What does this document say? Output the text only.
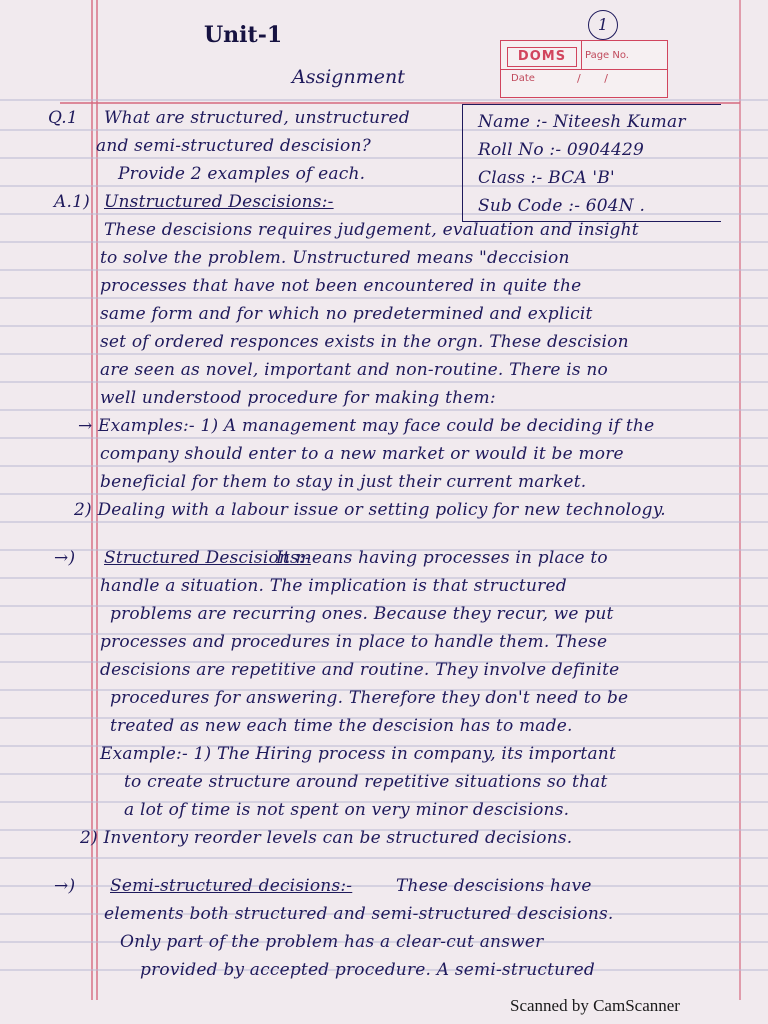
1
DOMS	Page No.
Date	/ /
Unit-1
Assignment
Name :- Niteesh Kumar
Roll No :- 0904429
Class :- BCA 'B'
Sub Code :- 604N .
Q.1 What are structured, unstructured
and semi-structured descision?
Provide 2 examples of each.
A.1) Unstructured Descisions:-
These descisions requires judgement, evaluation and insight
to solve the problem. Unstructured means "deccision
processes that have not been encountered in quite the
same form and for which no predetermined and explicit
set of ordered responces exists in the orgn. These descision
are seen as novel, important and non-routine. There is no
well understood procedure for making them:
→ Examples:- 1) A management may face could be deciding if the
company should enter to a new market or would it be more
beneficial for them to stay in just their current market.
2) Dealing with a labour issue or setting policy for new technology.
→) Structured Descisions:-
It means having processes in place to
handle a situation. The implication is that structured
problems are recurring ones. Because they recur, we put
processes and procedures in place to handle them. These
descisions are repetitive and routine. They involve definite
procedures for answering. Therefore they don't need to be
treated as new each time the descision has to made.
Example:- 1) The Hiring process in company, its important
to create structure around repetitive situations so that
a lot of time is not spent on very minor descisions.
2) Inventory reorder levels can be structured decisions.
→) Semi-structured decisions:-	These descisions have
elements both structured and semi-structured descisions.
Only part of the problem has a clear-cut answer
provided by accepted procedure. A semi-structured
Scanned by CamScanner
